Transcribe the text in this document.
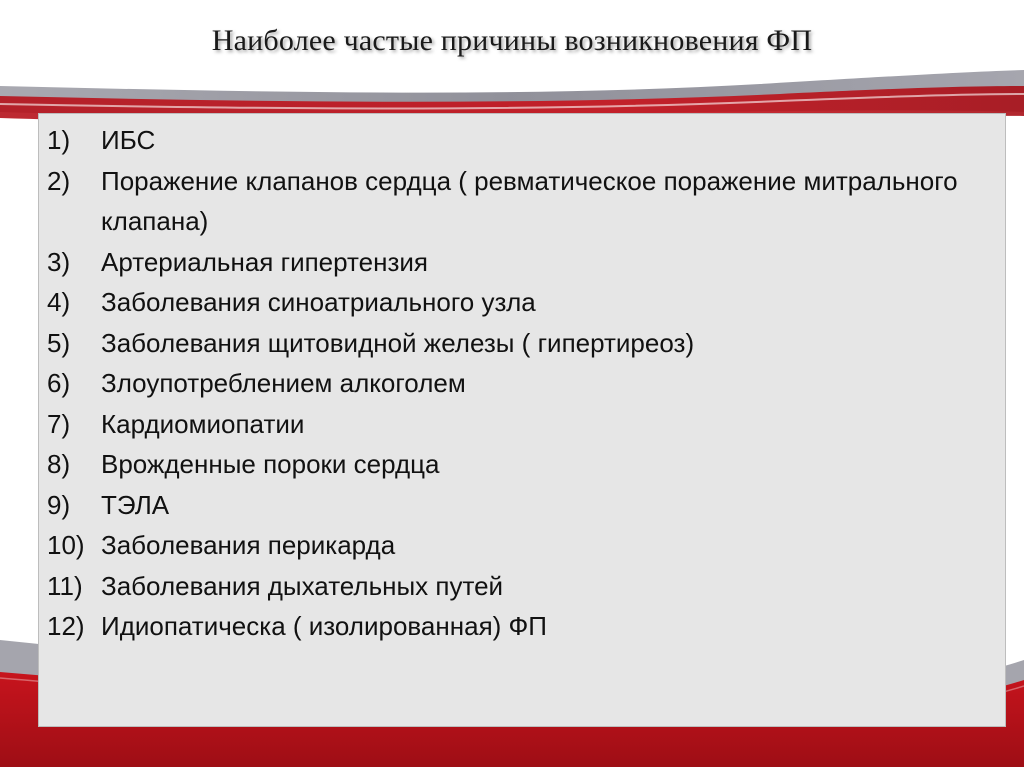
Наиболее частые причины возникновения ФП
1)	ИБС
2)	Поражение клапанов сердца ( ревматическое поражение митрального клапана)
3)	Артериальная гипертензия
4)	Заболевания синоатриального узла
5)	Заболевания щитовидной железы ( гипертиреоз)
6)	Злоупотреблением алкоголем
7)	Кардиомиопатии
8)	Врожденные пороки сердца
9)	ТЭЛА
10) Заболевания перикарда
11) Заболевания дыхательных путей
12) Идиопатическа ( изолированная) ФП
